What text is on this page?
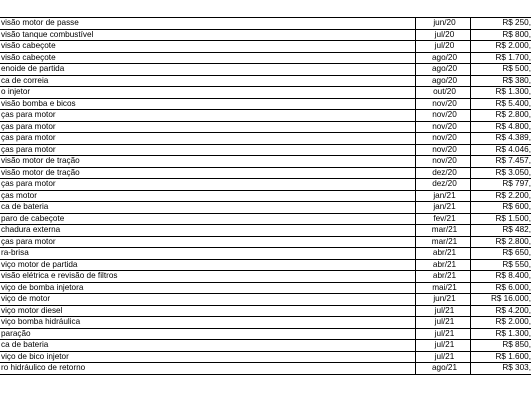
visão motor de passe	jun/20	R$ 250,
visão tanque combustível	jul/20	R$ 800,
visão cabeçote	jul/20	R$ 2.000,
visão cabeçote	ago/20	R$ 1.700,
enoide de partida	ago/20	R$ 500,
ca de correia	ago/20	R$ 380,
o injetor	out/20	R$ 1.300,
visão bomba e bicos	nov/20	R$ 5.400,
ças para motor	nov/20	R$ 2.800,
ças para motor	nov/20	R$ 4.800,
ças para motor	nov/20	R$ 4.389,
ças para motor	nov/20	R$ 4.046,
visão motor de tração	nov/20	R$ 7.457,
visão motor de tração	dez/20	R$ 3.050,
ças para motor	dez/20	R$ 797,
ças motor	jan/21	R$ 2.200,
ca de bateria	jan/21	R$ 600,
paro de cabeçote	fev/21	R$ 1.500,
chadura externa	mar/21	R$ 482,
ças para motor	mar/21	R$ 2.800,
ra-brisa	abr/21	R$ 650,
viço motor de partida	abr/21	R$ 550,
visão elétrica e revisão de filtros	abr/21	R$ 8.400,
viço de bomba injetora	mai/21	R$ 6.000,
viço de motor	jun/21	R$ 16.000,
viço motor diesel	jul/21	R$ 4.200,
viço bomba hidráulica	jul/21	R$ 2.000,
paração	jul/21	R$ 1.300,
ca de bateria	jul/21	R$ 850,
viço de bico injetor	jul/21	R$ 1.600,
ro hidráulico de retorno	ago/21	R$ 303,
